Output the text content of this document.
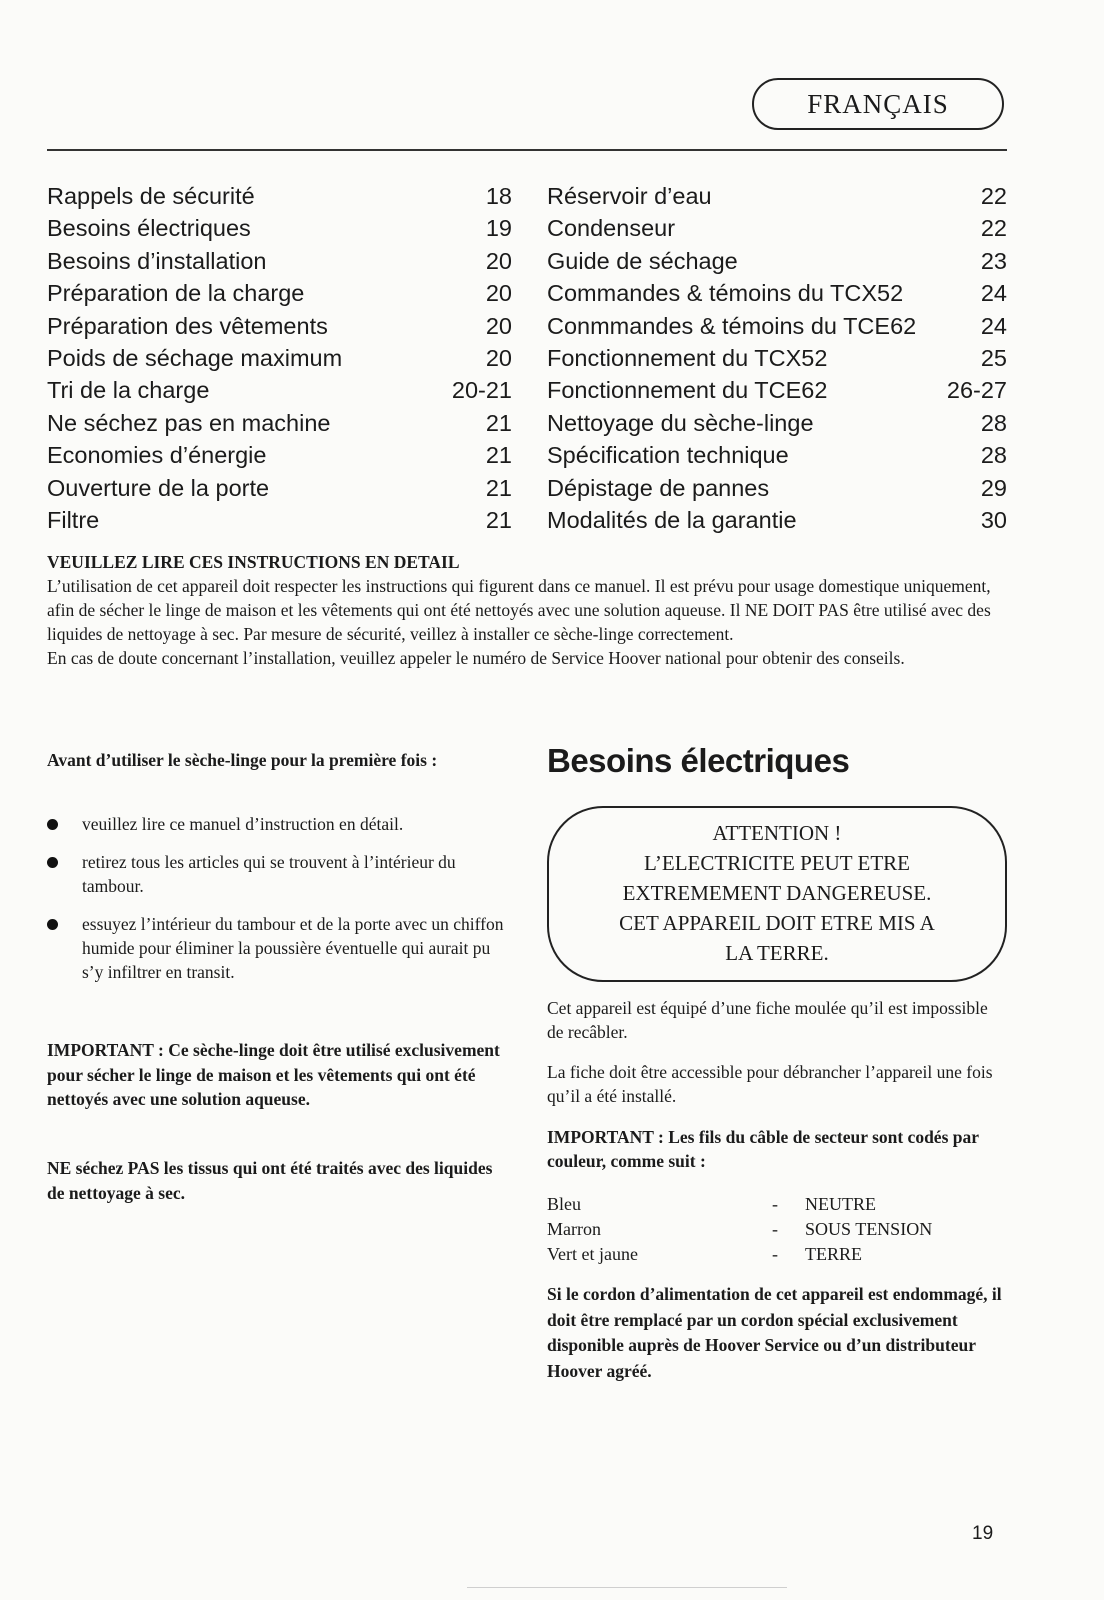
FRANÇAIS
Rappels de sécurité	18
Besoins électriques	19
Besoins d’installation	20
Préparation de la charge	20
Préparation des vêtements	20
Poids de séchage maximum	20
Tri de la charge	20-21
Ne séchez pas en machine	21
Economies d’énergie	21
Ouverture de la porte	21
Filtre	21
Réservoir d’eau	22
Condenseur	22
Guide de séchage	23
Commandes & témoins du TCX52	24
Conmmandes & témoins du TCE62	24
Fonctionnement du TCX52	25
Fonctionnement du TCE62	26-27
Nettoyage du sèche-linge	28
Spécification technique	28
Dépistage de pannes	29
Modalités de la garantie	30
VEUILLEZ LIRE CES INSTRUCTIONS EN DETAIL

L’utilisation de cet appareil doit respecter les instructions qui figurent dans ce manuel. Il est prévu pour usage domestique uniquement, afin de sécher le linge de maison et les vêtements qui ont été nettoyés avec une solution aqueuse. Il NE DOIT PAS être utilisé avec des liquides de nettoyage à sec. Par mesure de sécurité, veillez à installer ce sèche-linge correctement.

En cas de doute concernant l’installation, veuillez appeler le numéro de Service Hoover national pour obtenir des conseils.

Avant d’utiliser le sèche-linge pour la première fois :
veuillez lire ce manuel d’instruction en détail.
retirez tous les articles qui se trouvent à l’intérieur du tambour.
essuyez l’intérieur du tambour et de la porte avec un chiffon humide pour éliminer la poussière éventuelle qui aurait pu s’y infiltrer en transit.
IMPORTANT : Ce sèche-linge doit être utilisé exclusivement pour sécher le linge de maison et les vêtements qui ont été nettoyés avec une solution aqueuse.
NE séchez PAS les tissus qui ont été traités avec des liquides de nettoyage à sec.
Besoins électriques
ATTENTION !
L’ELECTRICITE PEUT ETRE
EXTREMEMENT DANGEREUSE.
CET APPAREIL DOIT ETRE MIS A
LA TERRE.
Cet appareil est équipé d’une fiche moulée qu’il est impossible de recâbler.
La fiche doit être accessible pour débrancher l’appareil une fois qu’il a été installé.
IMPORTANT : Les fils du câble de secteur sont codés par couleur, comme suit :
Bleu	-	NEUTRE
Marron	-	SOUS TENSION
Vert et jaune	-	TERRE
Si le cordon d’alimentation de cet appareil est endommagé, il doit être remplacé par un cordon spécial exclusivement disponible auprès de Hoover Service ou d’un distributeur Hoover agréé.
19
